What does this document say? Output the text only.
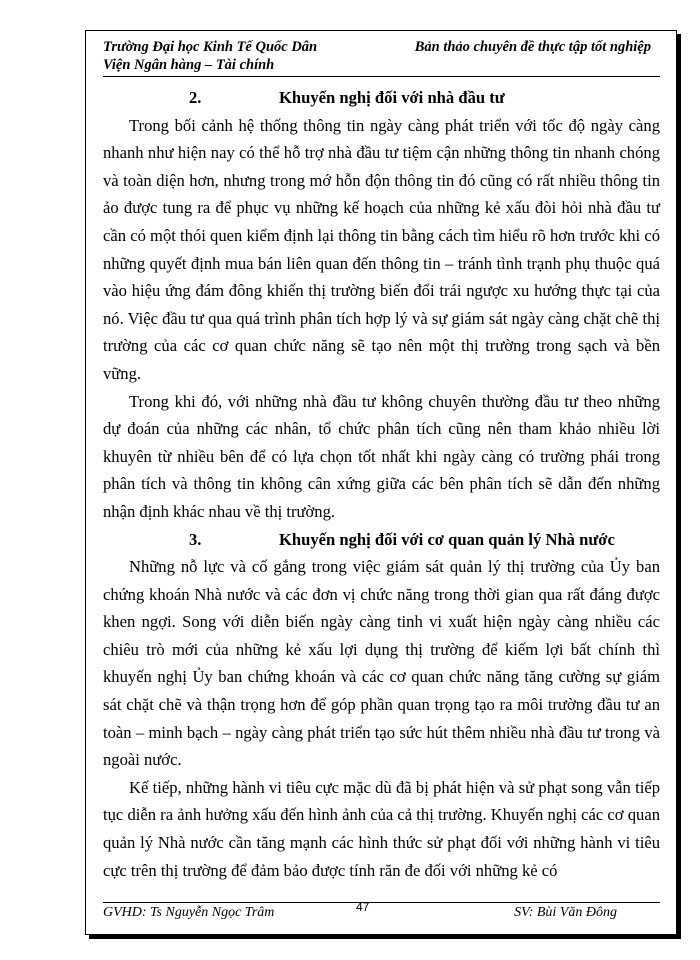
Trường Đại học Kinh Tế Quốc Dân
Viện Ngân hàng – Tài chính
Bản thảo chuyên đề thực tập tốt nghiệp

2.	Khuyến nghị đối với nhà đầu tư

Trong bối cảnh hệ thống thông tin ngày càng phát triển với tốc độ ngày càng nhanh như hiện nay có thể hỗ trợ nhà đầu tư tiệm cận những thông tin nhanh chóng và toàn diện hơn, nhưng trong mớ hỗn độn thông tin đó cũng có rất nhiều thông tin ảo được tung ra để phục vụ những kế hoạch của những kẻ xấu đòi hỏi nhà đầu tư cần có một thói quen kiểm định lại thông tin bằng cách tìm hiểu rõ hơn trước khi có những quyết định mua bán liên quan đến thông tin – tránh tình trạnh phụ thuộc quá vào hiệu ứng đám đông khiến thị trường biến đổi trái ngược xu hướng thực tại của nó. Việc đầu tư qua quá trình phân tích hợp lý và sự giám sát ngày càng chặt chẽ thị trường của các cơ quan chức năng sẽ tạo nên một thị trường trong sạch và bền vững.

Trong khi đó, với những nhà đầu tư không chuyên thường đầu tư theo những dự đoán của những các nhân, tổ chức phân tích cũng nên tham khảo nhiều lời khuyên từ nhiều bên để có lựa chọn tốt nhất khi ngày càng có trường phái trong phân tích và thông tin không cân xứng giữa các bên phân tích sẽ dẫn đến những nhận định khác nhau về thị trường.

3.	Khuyến nghị đối với cơ quan quản lý Nhà nước

Những nỗ lực và cố gắng trong việc giám sát quản lý thị trường của Ủy ban chứng khoán Nhà nước và các đơn vị chức năng trong thời gian qua rất đáng được khen ngợi. Song với diễn biến ngày càng tinh vi xuất hiện ngày càng nhiều các chiêu trò mới của những kẻ xấu lợi dụng thị trường để kiếm lợi bất chính thì khuyến nghị Ủy ban chứng khoán và các cơ quan chức năng tăng cường sự giám sát chặt chẽ và thận trọng hơn để góp phần quan trọng tạo ra môi trường đầu tư an toàn – minh bạch – ngày càng phát triển tạo sức hút thêm nhiều nhà đầu tư trong và ngoài nước.

Kế tiếp, những hành vi tiêu cực mặc dù đã bị phát hiện và sử phạt song vẫn tiếp tục diễn ra ảnh hưởng xấu đến hình ảnh của cả thị trường. Khuyến nghị các cơ quan quản lý Nhà nước cần tăng mạnh các hình thức sử phạt đối với những hành vi tiêu cực trên thị trường để đảm bảo được tính răn đe đối với những kẻ có

GVHD: Ts Nguyễn Ngọc Trâm	47	SV: Bùi Văn Đông
